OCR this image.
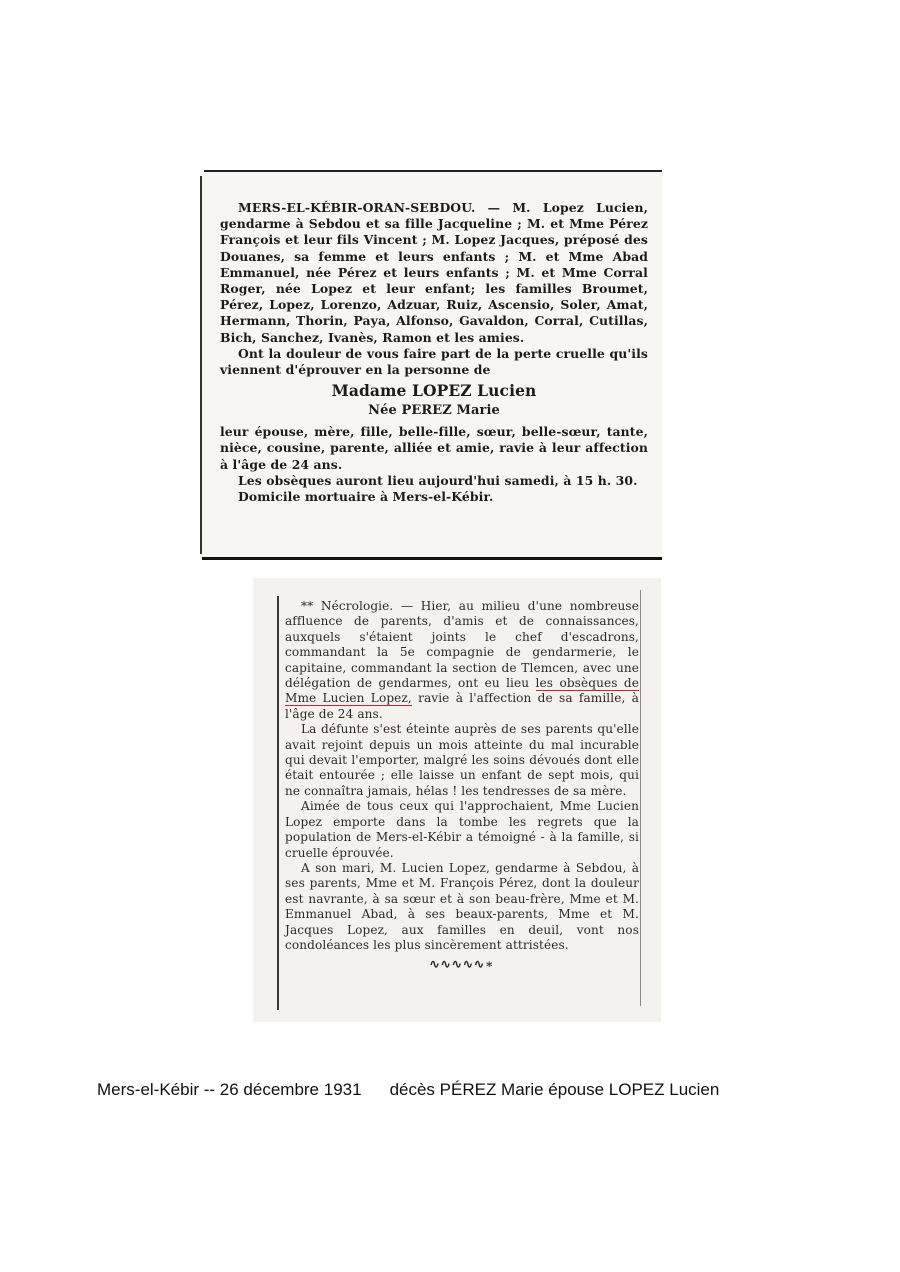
MERS-EL-KÉBIR-ORAN-SEBDOU. — M. Lopez Lucien, gendarme à Sebdou et sa fille Jacqueline ; M. et Mme Pérez François et leur fils Vincent ; M. Lopez Jacques, préposé des Douanes, sa femme et leurs enfants ; M. et Mme Abad Emmanuel, née Pérez et leurs enfants ; M. et Mme Corral Roger, née Lopez et leur enfant; les familles Broumet, Pérez, Lopez, Lorenzo, Adzuar, Ruiz, Ascensio, Soler, Amat, Hermann, Thorin, Paya, Alfonso, Gavaldon, Corral, Cutillas, Bich, Sanchez, Ivanès, Ramon et les amies.

Ont la douleur de vous faire part de la perte cruelle qu'ils viennent d'éprouver en la personne de

Madame LOPEZ Lucien

Née PEREZ Marie

leur épouse, mère, fille, belle-fille, sœur, belle-sœur, tante, nièce, cousine, parente, alliée et amie, ravie à leur affection à l'âge de 24 ans.

Les obsèques auront lieu aujourd'hui samedi, à 15 h. 30.

Domicile mortuaire à Mers-el-Kébir.

** Nécrologie. — Hier, au milieu d'une nombreuse affluence de parents, d'amis et de connaissances, auxquels s'étaient joints le chef d'escadrons, commandant la 5e compagnie de gendarmerie, le capitaine, commandant la section de Tlemcen, avec une délégation de gendarmes, ont eu lieu les obsèques de Mme Lucien Lopez, ravie à l'affection de sa famille, à l'âge de 24 ans.

La défunte s'est éteinte auprès de ses parents qu'elle avait rejoint depuis un mois atteinte du mal incurable qui devait l'emporter, malgré les soins dévoués dont elle était entourée ; elle laisse un enfant de sept mois, qui ne connaîtra jamais, hélas ! les tendresses de sa mère.

Aimée de tous ceux qui l'approchaient, Mme Lucien Lopez emporte dans la tombe les regrets que la population de Mers-el-Kébir a témoigné - à la famille, si cruelle éprouvée.

A son mari, M. Lucien Lopez, gendarme à Sebdou, à ses parents, Mme et M. François Pérez, dont la douleur est navrante, à sa sœur et à son beau-frère, Mme et M. Emmanuel Abad, à ses beaux-parents, Mme et M. Jacques Lopez, aux familles en deuil, vont nos condoléances les plus sincèrement attristées.

∿∿∿∿∿∗

Mers-el-Kébir -- 26 décembre 1931 décès PÉREZ Marie épouse LOPEZ Lucien
